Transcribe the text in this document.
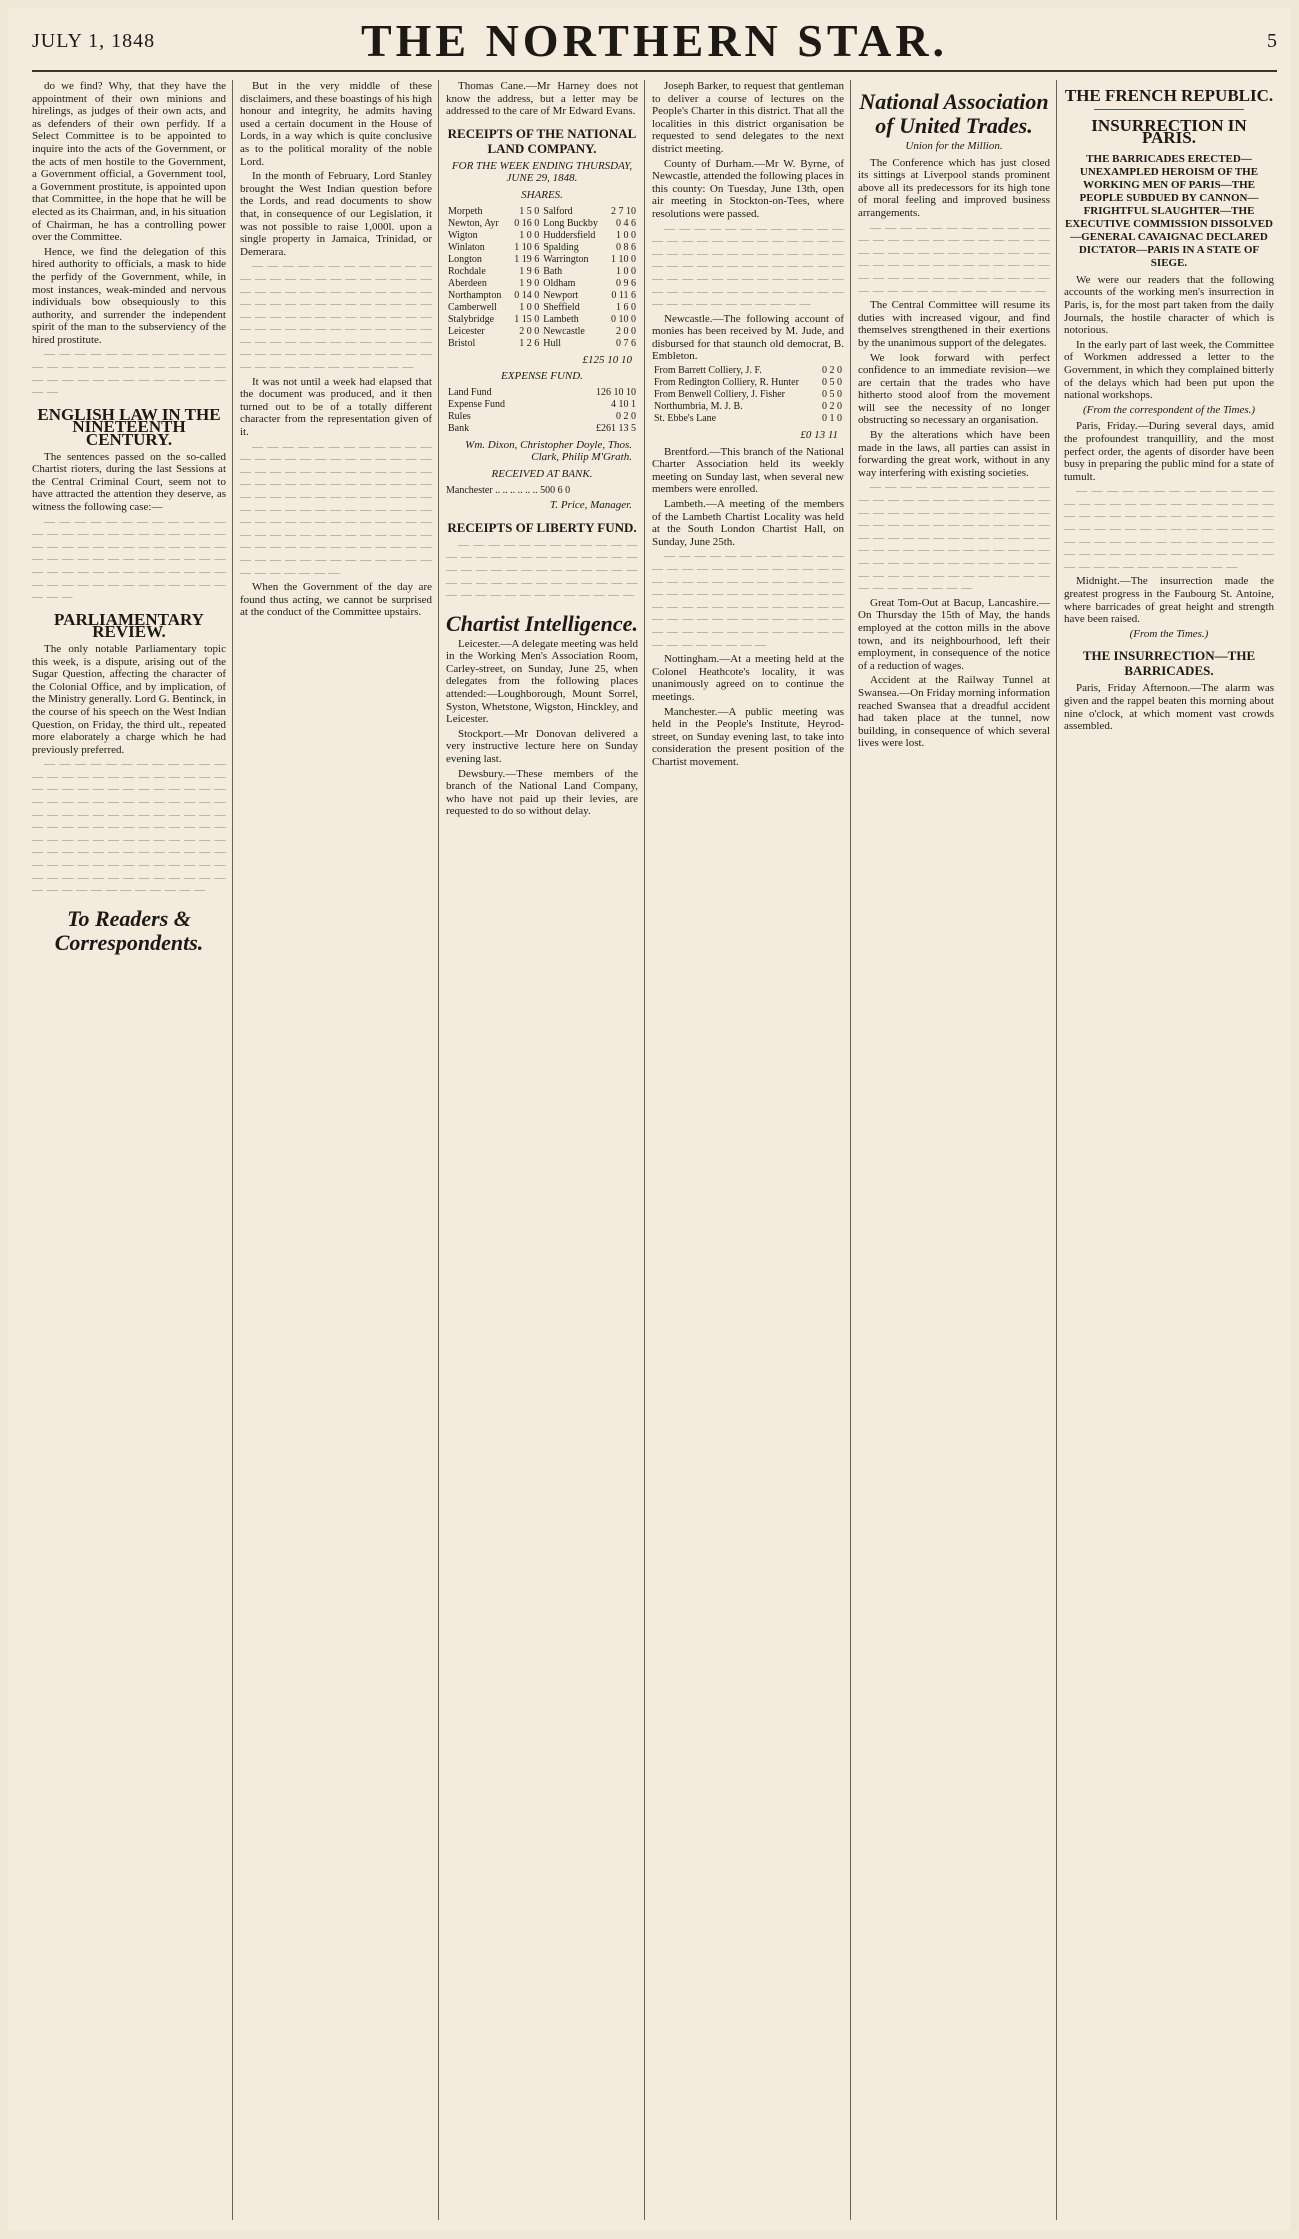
JULY 1, 1848	THE NORTHERN STAR.	5

do we find? Why, that they have the appointment of their own minions and hirelings, as judges of their own acts, and as defenders of their own perfidy. If a Select Committee is to be appointed to inquire into the acts of the Government, or the acts of men hostile to the Government, a Government official, a Government tool, a Government prostitute, is appointed upon that Committee, in the hope that he will be elected as its Chairman, and, in his situation of Chairman, he has a controlling power over the Committee.

Hence, we find the delegation of this hired authority to officials, a mask to hide the perfidy of the Government, while, in most instances, weak-minded and nervous individuals bow obsequiously to this authority, and surrender the independent spirit of the man to the subserviency of the hired prostitute.

— — — — — — — — — — — — — — — — — — — — — — — — — — — — — — — — — — — — — — — —

ENGLISH LAW IN THE NINETEENTH CENTURY.

The sentences passed on the so-called Chartist rioters, during the last Sessions at the Central Criminal Court, seem not to have attracted the attention they deserve, as witness the following case:—

— — — — — — — — — — — — — — — — — — — — — — — — — — — — — — — — — — — — — — — — — — — — — — — — — — — — — — — — — — — — — — — — — — — — — — — — — — — — — — — —

PARLIAMENTARY REVIEW.

The only notable Parliamentary topic this week, is a dispute, arising out of the Sugar Question, affecting the character of the Colonial Office, and by implication, of the Ministry generally. Lord G. Bentinck, in the course of his speech on the West Indian Question, on Friday, the third ult., repeated more elaborately a charge which he had previously preferred.

— — — — — — — — — — — — — — — — — — — — — — — — — — — — — — — — — — — — — — — — — — — — — — — — — — — — — — — — — — — — — — — — — — — — — — — — — — — — — — — — — — — — — — — — — — — — — — — — — — — — — — — — — — — — — — — — — — — — — — — — — — — — — — — — — — — — — — — — — — — — —

To Readers & Correspondents.

But in the very middle of these disclaimers, and these boastings of his high honour and integrity, he admits having used a certain document in the House of Lords, in a way which is quite conclusive as to the political morality of the noble Lord.

In the month of February, Lord Stanley brought the West Indian question before the Lords, and read documents to show that, in consequence of our Legislation, it was not possible to raise 1,000l. upon a single property in Jamaica, Trinidad, or Demerara.

— — — — — — — — — — — — — — — — — — — — — — — — — — — — — — — — — — — — — — — — — — — — — — — — — — — — — — — — — — — — — — — — — — — — — — — — — — — — — — — — — — — — — — — — — — — — — — — — — — — — — — — — — — — — — — — — — — —

It was not until a week had elapsed that the document was produced, and it then turned out to be of a totally different character from the representation given of it.

— — — — — — — — — — — — — — — — — — — — — — — — — — — — — — — — — — — — — — — — — — — — — — — — — — — — — — — — — — — — — — — — — — — — — — — — — — — — — — — — — — — — — — — — — — — — — — — — — — — — — — — — — — — — — — — — — — — — — — — — — — — — — — — — — — — — — — — —

When the Government of the day are found thus acting, we cannot be surprised at the conduct of the Committee upstairs.

Thomas Cane.—Mr Harney does not know the address, but a letter may be addressed to the care of Mr Edward Evans.

RECEIPTS OF THE NATIONAL LAND COMPANY.
FOR THE WEEK ENDING THURSDAY, JUNE 29, 1848.
SHARES.
Morpeth	1 5 0	Salford	2 7 10
Newton, Ayr	0 16 0	Long Buckby	0 4 6
Wigton	1 0 0	Huddersfield	1 0 0
Winlaton	1 10 6	Spalding	0 8 6
Longton	1 19 6	Warrington	1 10 0
Rochdale	1 9 6	Bath	1 0 0
Aberdeen	1 9 0	Oldham	0 9 6
Northampton	0 14 0	Newport	0 11 6
Camberwell	1 0 0	Sheffield	1 6 0
Stalybridge	1 15 0	Lambeth	0 10 0
Leicester	2 0 0	Newcastle	2 0 0
Bristol	1 2 6	Hull	0 7 6
£125 10 10
EXPENSE FUND.
Land Fund	126 10 10
Expense Fund	4 10 1
Rules	0 2 0
Bank	£261 13 5
Wm. Dixon, Christopher Doyle, Thos. Clark, Philip M'Grath.
RECEIVED AT BANK.
Manchester .. .. .. .. .. .. 500 6 0
T. Price, Manager.
RECEIPTS OF LIBERTY FUND.

— — — — — — — — — — — — — — — — — — — — — — — — — — — — — — — — — — — — — — — — — — — — — — — — — — — — — — — — — — — — — — — —

Chartist Intelligence.

Leicester.—A delegate meeting was held in the Working Men's Association Room, Carley-street, on Sunday, June 25, when delegates from the following places attended:—Loughborough, Mount Sorrel, Syston, Whetstone, Wigston, Hinckley, and Leicester.

Stockport.—Mr Donovan delivered a very instructive lecture here on Sunday evening last.

Dewsbury.—These members of the branch of the National Land Company, who have not paid up their levies, are requested to do so without delay.

Joseph Barker, to request that gentleman to deliver a course of lectures on the People's Charter in this district. That all the localities in this district organisation be requested to send delegates to the next district meeting.

County of Durham.—Mr W. Byrne, of Newcastle, attended the following places in this county: On Tuesday, June 13th, open air meeting in Stockton-on-Tees, where resolutions were passed.

— — — — — — — — — — — — — — — — — — — — — — — — — — — — — — — — — — — — — — — — — — — — — — — — — — — — — — — — — — — — — — — — — — — — — — — — — — — — — — — — — — — — — — — —

Newcastle.—The following account of monies has been received by M. Jude, and disbursed for that staunch old democrat, B. Embleton.

From Barrett Colliery, J. F.	0 2 0
From Redington Colliery, R. Hunter	0 5 0
From Benwell Colliery, J. Fisher	0 5 0
Northumbria, M. J. B.	0 2 0
St. Ebbe's Lane	0 1 0
£0 13 11

Brentford.—This branch of the National Charter Association held its weekly meeting on Sunday last, when several new members were enrolled.

Lambeth.—A meeting of the members of the Lambeth Chartist Locality was held at the South London Chartist Hall, on Sunday, June 25th.

— — — — — — — — — — — — — — — — — — — — — — — — — — — — — — — — — — — — — — — — — — — — — — — — — — — — — — — — — — — — — — — — — — — — — — — — — — — — — — — — — — — — — — — — — — — — — — — — — —

Nottingham.—At a meeting held at the Colonel Heathcote's locality, it was unanimously agreed on to continue the meetings.

Manchester.—A public meeting was held in the People's Institute, Heyrod-street, on Sunday evening last, to take into consideration the present position of the Chartist movement.

National Association of United Trades.
Union for the Million.

The Conference which has just closed its sittings at Liverpool stands prominent above all its predecessors for its high tone of moral feeling and improved business arrangements.

— — — — — — — — — — — — — — — — — — — — — — — — — — — — — — — — — — — — — — — — — — — — — — — — — — — — — — — — — — — — — — — — — — — — — — — — — — — — —

The Central Committee will resume its duties with increased vigour, and find themselves strengthened in their exertions by the unanimous support of the delegates.

We look forward with perfect confidence to an immediate revision—we are certain that the trades who have hitherto stood aloof from the movement will see the necessity of no longer obstructing so necessary an organisation.

By the alterations which have been made in the laws, all parties can assist in forwarding the great work, without in any way interfering with existing societies.

— — — — — — — — — — — — — — — — — — — — — — — — — — — — — — — — — — — — — — — — — — — — — — — — — — — — — — — — — — — — — — — — — — — — — — — — — — — — — — — — — — — — — — — — — — — — — — — — — — — — — — — — — — — — — — —

Great Tom-Out at Bacup, Lancashire.—On Thursday the 15th of May, the hands employed at the cotton mills in the above town, and its neighbourhood, left their employment, in consequence of the notice of a reduction of wages.

Accident at the Railway Tunnel at Swansea.—On Friday morning information reached Swansea that a dreadful accident had taken place at the tunnel, now building, in consequence of which several lives were lost.

THE FRENCH REPUBLIC.
INSURRECTION IN PARIS.
THE BARRICADES ERECTED—UNEXAMPLED HEROISM OF THE WORKING MEN OF PARIS—THE PEOPLE SUBDUED BY CANNON—FRIGHTFUL SLAUGHTER—THE EXECUTIVE COMMISSION DISSOLVED—GENERAL CAVAIGNAC DECLARED DICTATOR—PARIS IN A STATE OF SIEGE.

We were our readers that the following accounts of the working men's insurrection in Paris, is, for the most part taken from the daily Journals, the hostile character of which is notorious.

In the early part of last week, the Committee of Workmen addressed a letter to the Government, in which they complained bitterly of the delays which had been put upon the national workshops.

(From the correspondent of the Times.)

Paris, Friday.—During several days, amid the profoundest tranquillity, and the most perfect order, the agents of disorder have been busy in preparing the public mind for a state of tumult.

— — — — — — — — — — — — — — — — — — — — — — — — — — — — — — — — — — — — — — — — — — — — — — — — — — — — — — — — — — — — — — — — — — — — — — — — — — — — — — — — — — — — — — — — — — — — — — —

Midnight.—The insurrection made the greatest progress in the Faubourg St. Antoine, where barricades of great height and strength have been raised.

(From the Times.)
THE INSURRECTION—THE BARRICADES.

Paris, Friday Afternoon.—The alarm was given and the rappel beaten this morning about nine o'clock, at which moment vast crowds assembled.
